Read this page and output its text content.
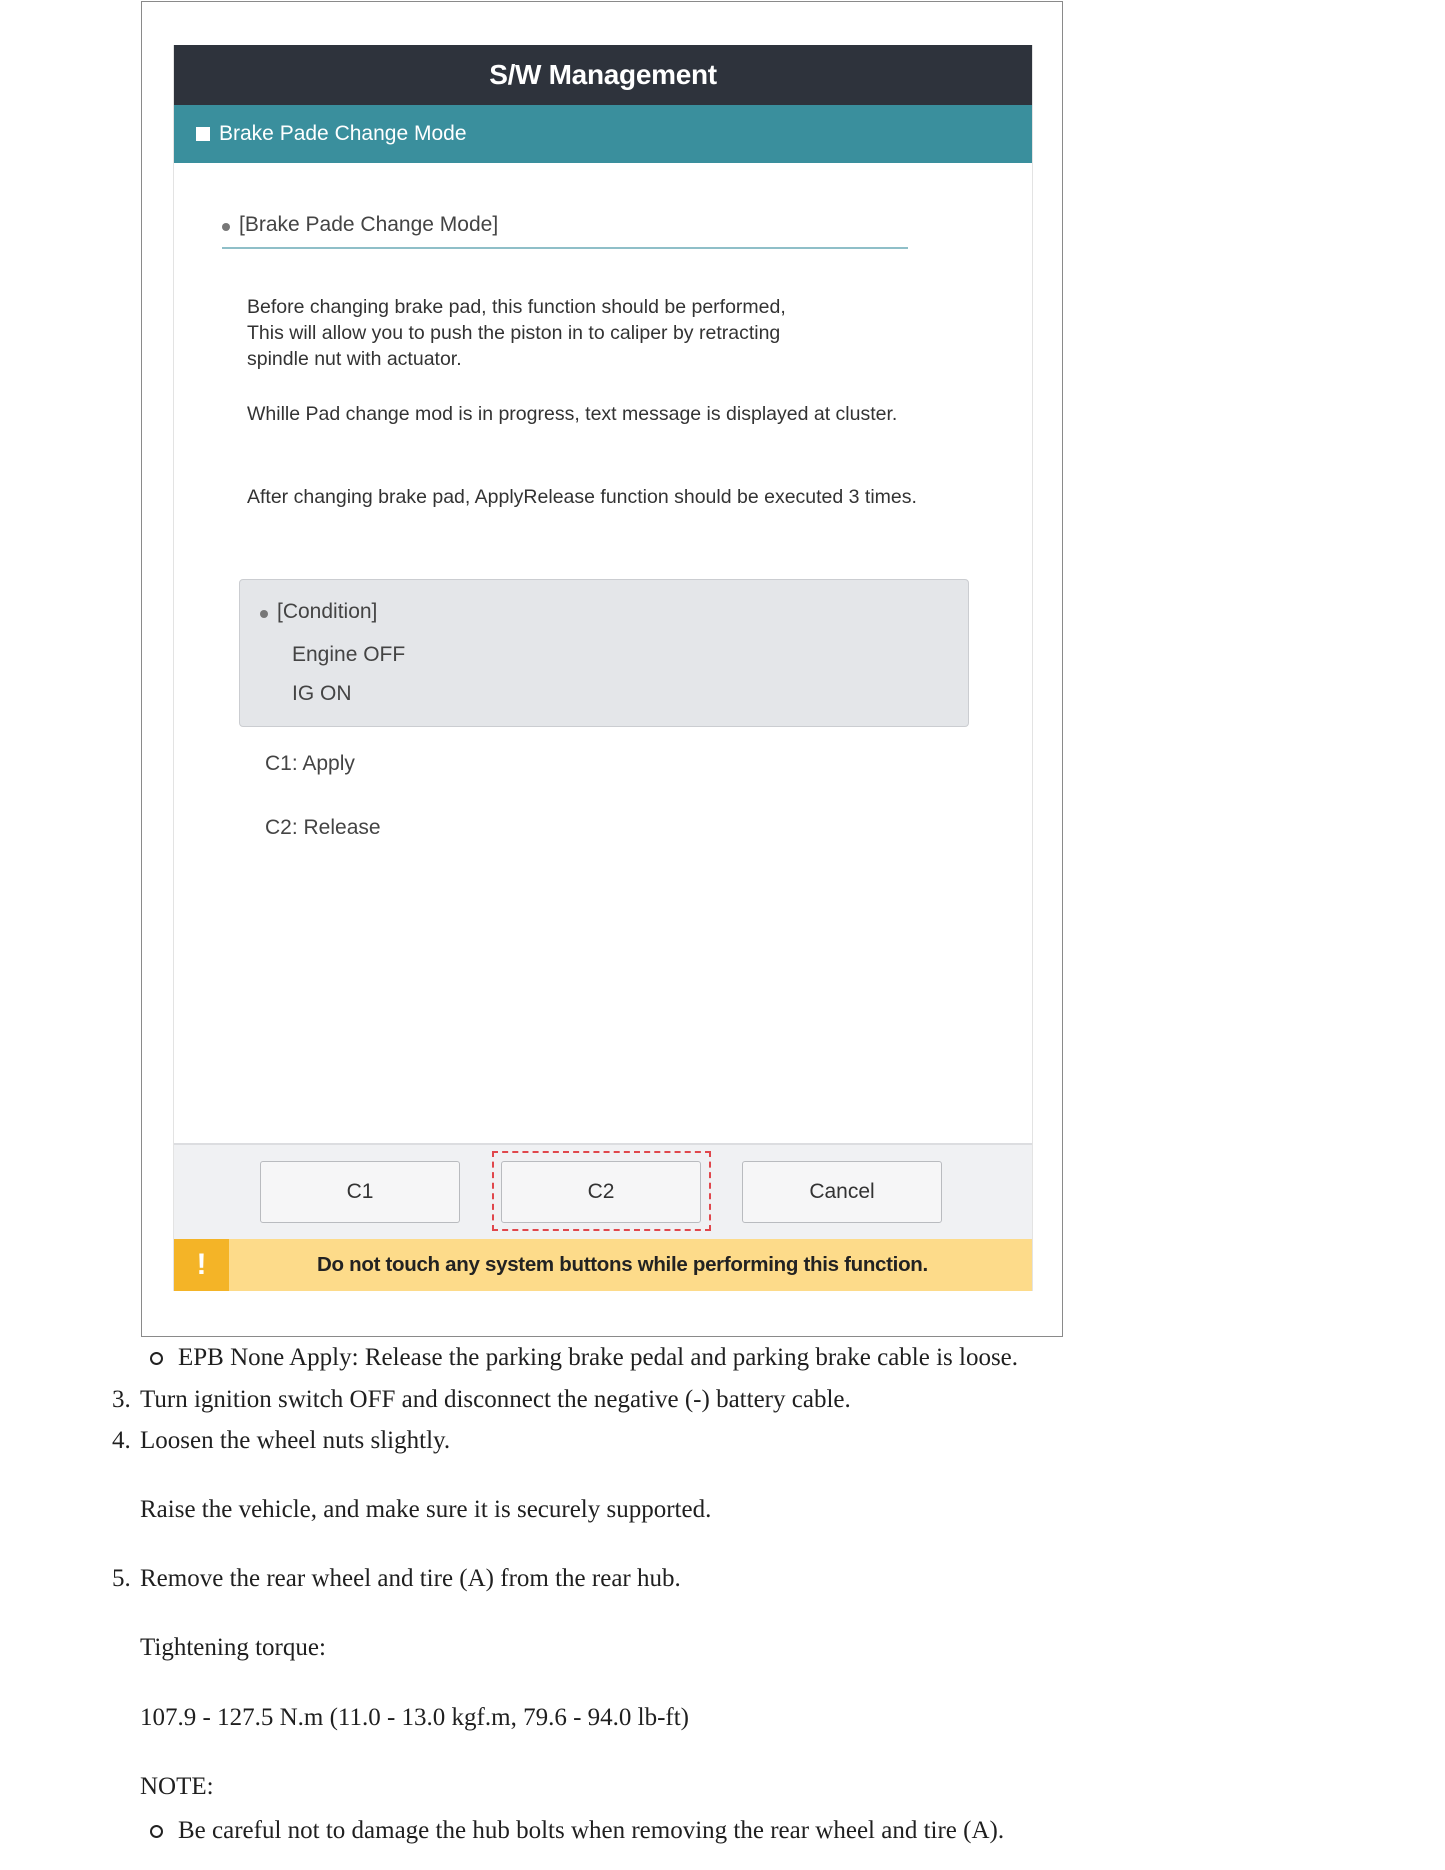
S/W Management
Brake Pade Change Mode
[Brake Pade Change Mode]
Before changing brake pad, this function should be performed,
This will allow you to push the piston in to caliper by retracting
spindle nut with actuator.
Whille Pad change mod is in progress, text message is displayed at cluster.
After changing brake pad, ApplyRelease function should be executed 3 times.
[Condition]
Engine OFF
IG ON
C1: Apply
C2: Release
C1	C2	Cancel
!	Do not touch any system buttons while performing this function.
EPB None Apply: Release the parking brake pedal and parking brake cable is loose.
3. Turn ignition switch OFF and disconnect the negative (-) battery cable.
4. Loosen the wheel nuts slightly.
Raise the vehicle, and make sure it is securely supported.
5. Remove the rear wheel and tire (A) from the rear hub.
Tightening torque:
107.9 - 127.5 N.m (11.0 - 13.0 kgf.m, 79.6 - 94.0 lb-ft)
NOTE:
Be careful not to damage the hub bolts when removing the rear wheel and tire (A).
